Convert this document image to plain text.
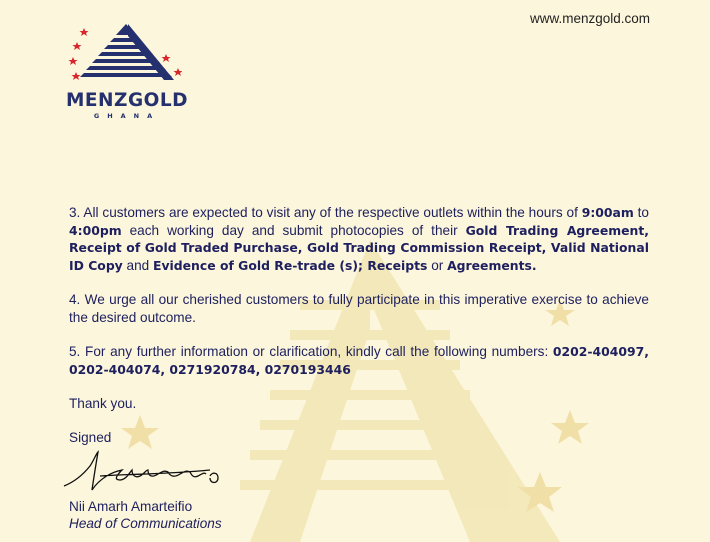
www.menzgold.com
MENZGOLD
GHANA

3. All customers are expected to visit any of the respective outlets within the hours of 9:00am to 4:00pm each working day and submit photocopies of their Gold Trading Agreement, Receipt of Gold Traded Purchase, Gold Trading Commission Receipt, Valid National ID Copy and Evidence of Gold Re-trade (s); Receipts or Agreements.

4. We urge all our cherished customers to fully participate in this imperative exercise to achieve the desired outcome.

5. For any further information or clarification, kindly call the following numbers: 0202-404097, 0202-404074, 0271920784, 0270193446

Thank you.
Signed
Nii Amarh Amarteifio
Head of Communications
